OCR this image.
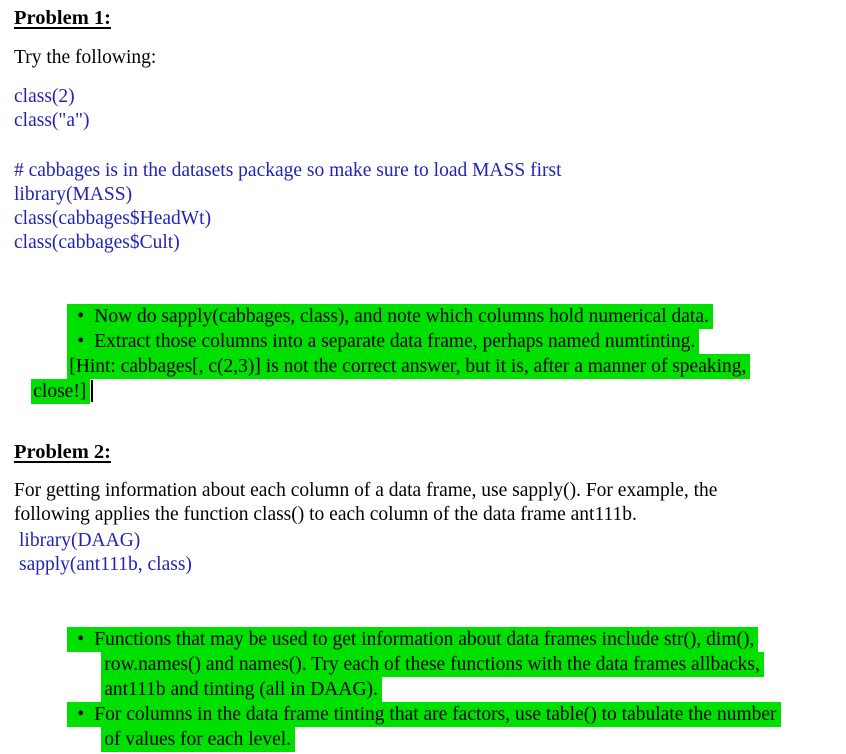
Problem 1:
Try the following:
class(2)
class("a")
# cabbages is in the datasets package so make sure to load MASS first
library(MASS)
class(cabbages$HeadWt)
class(cabbages$Cult)

• Now do sapply(cabbages, class), and note which columns hold numerical data.

• Extract those columns into a separate data frame, perhaps named numtinting.

[Hint: cabbages[, c(2,3)] is not the correct answer, but it is, after a manner of speaking,

close!]

Problem 2:
For getting information about each column of a data frame, use sapply(). For example, the
following applies the function class() to each column of the data frame ant111b.
library(DAAG)
sapply(ant111b, class)

• Functions that may be used to get information about data frames include str(), dim(),

row.names() and names(). Try each of these functions with the data frames allbacks,

ant111b and tinting (all in DAAG).

• For columns in the data frame tinting that are factors, use table() to tabulate the number

of values for each level.
